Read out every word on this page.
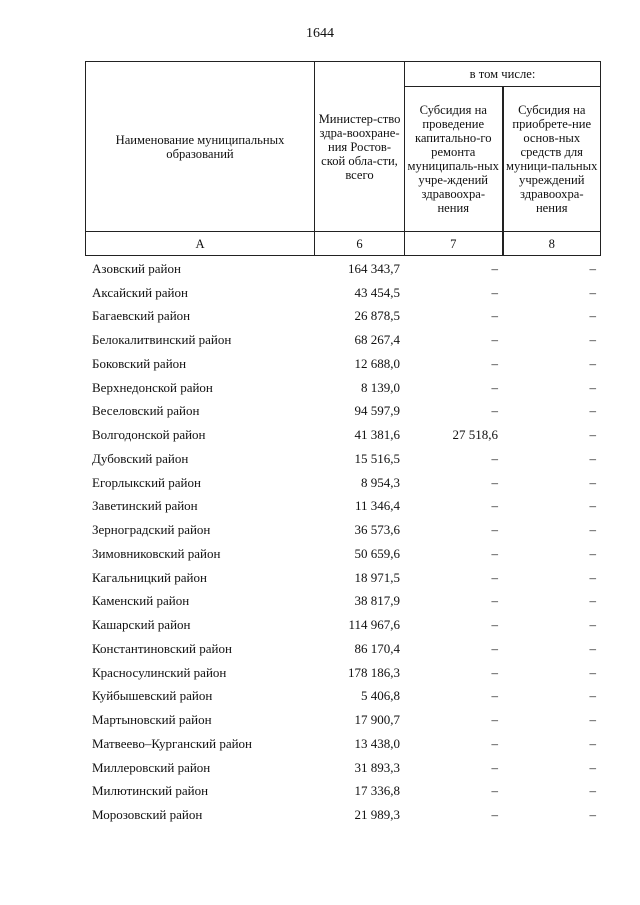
1644
Наименование муниципальных образований	Министер-ство здра-воохране-ния Ростов-ской обла-сти, всего	в том числе:	
		Субсидия на проведение капитально-го ремонта муниципаль-ных учре-ждений здравоохра-нения	Субсидия на приобрете-ние основ-ных средств для муници-пальных учреждений здравоохра-нения
А	6	7	8
Азовский район	164 343,7	–	–
Аксайский район	43 454,5	–	–
Багаевский район	26 878,5	–	–
Белокалитвинский район	68 267,4	–	–
Боковский район	12 688,0	–	–
Верхнедонской район	8 139,0	–	–
Веселовский район	94 597,9	–	–
Волгодонской район	41 381,6	27 518,6	–
Дубовский район	15 516,5	–	–
Егорлыкский район	8 954,3	–	–
Заветинский район	11 346,4	–	–
Зерноградский район	36 573,6	–	–
Зимовниковский район	50 659,6	–	–
Кагальницкий район	18 971,5	–	–
Каменский район	38 817,9	–	–
Кашарский район	114 967,6	–	–
Константиновский район	86 170,4	–	–
Красносулинский район	178 186,3	–	–
Куйбышевский район	5 406,8	–	–
Мартыновский район	17 900,7	–	–
Матвеево–Курганский район	13 438,0	–	–
Миллеровский район	31 893,3	–	–
Милютинский район	17 336,8	–	–
Морозовский район	21 989,3	–	–
